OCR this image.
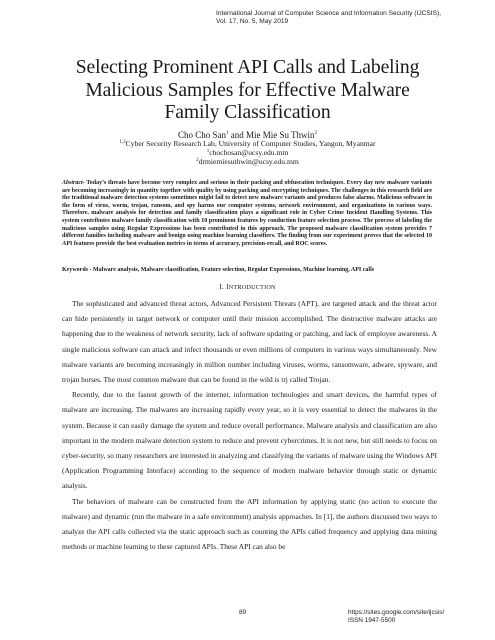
International Journal of Computer Science and Information Security (IJCSIS),
Vol. 17, No. 5, May 2019
Selecting Prominent API Calls and Labeling
Malicious Samples for Effective Malware
Family Classification
Cho Cho San$^1$ and Mie Mie Su Thwin$^2$
$^{1,2}$Cyber Security Research Lab, University of Computer Studies, Yangon, Myanmar
$^1$chochosan@ucsy.edu.mm
$^2$drmiemiesuthwin@ucsy.edu.mm
Abstract- Today’s threats have become very complex and serious in their packing and obfuscation techniques. Every day new malware variants are becoming increasingly in quantity together with quality by using packing and encrypting techniques. The challenges in this research field are the traditional malware detection systems sometimes might fail to detect new malware variants and produces false alarms. Malicious software in the form of virus, worm, trojan, ransom, and spy harms our computer systems, network environment, and organizations in various ways. Therefore, malware analysis for detection and family classification plays a significant role in Cyber Crime Incident Handling Systems. This system contributes malware family classification with 10 prominent features by conduction feature selection process. The process of labeling the malicious samples using Regular Expressions has been contributed in this approach. The proposed malware classification system provides 7 different families including malware and benign using machine learning classifiers. The finding from our experiment proves that the selected 10 API features provide the best evaluation metrics in terms of accuracy, precision-recall, and ROC scores.
Keywords - Malware analysis, Malware classification, Feature selection, Regular Expressions, Machine learning, API calls
I. INTRODUCTION

The sophisticated and advanced threat actors, Advanced Persistent Threats (APT), are targeted attack and the threat actor can hide persistently in target network or computer until their mission accomplished. The destructive malware attacks are happening due to the weakness of network security, lack of software updating or patching, and lack of employee awareness. A single malicious software can attack and infect thousands or even millions of computers in various ways simultaneously. New malware variants are becoming increasingly in million number including viruses, worms, ransomware, adware, spyware, and trojan horses. The most common malware that can be found in the wild is trj called Trojan.

Recently, due to the fastest growth of the internet, information technologies and smart devices, the harmful types of malware are increasing. The malwares are increasing rapidly every year, so it is very essential to detect the malwares in the system. Because it can easily damage the system and reduce overall performance. Malware analysis and classification are also important in the modern malware detection system to reduce and prevent cybercrimes. It is not new, but still needs to focus on cyber-security, so many researchers are interested in analyzing and classifying the variants of malware using the Windows API (Application Programming Interface) according to the sequence of modern malware behavior through static or dynamic analysis.

The behaviors of malware can be constructed from the API information by applying static (no action to execute the malware) and dynamic (run the malware in a safe environment) analysis approaches. In [1], the authors discussed two ways to analyze the API calls collected via the static approach such as counting the APIs called frequency and applying data mining methods or machine learning to these captured APIs. These API can also be

89	https://sites.google.com/site/ijcsis/
ISSN 1947-5500
